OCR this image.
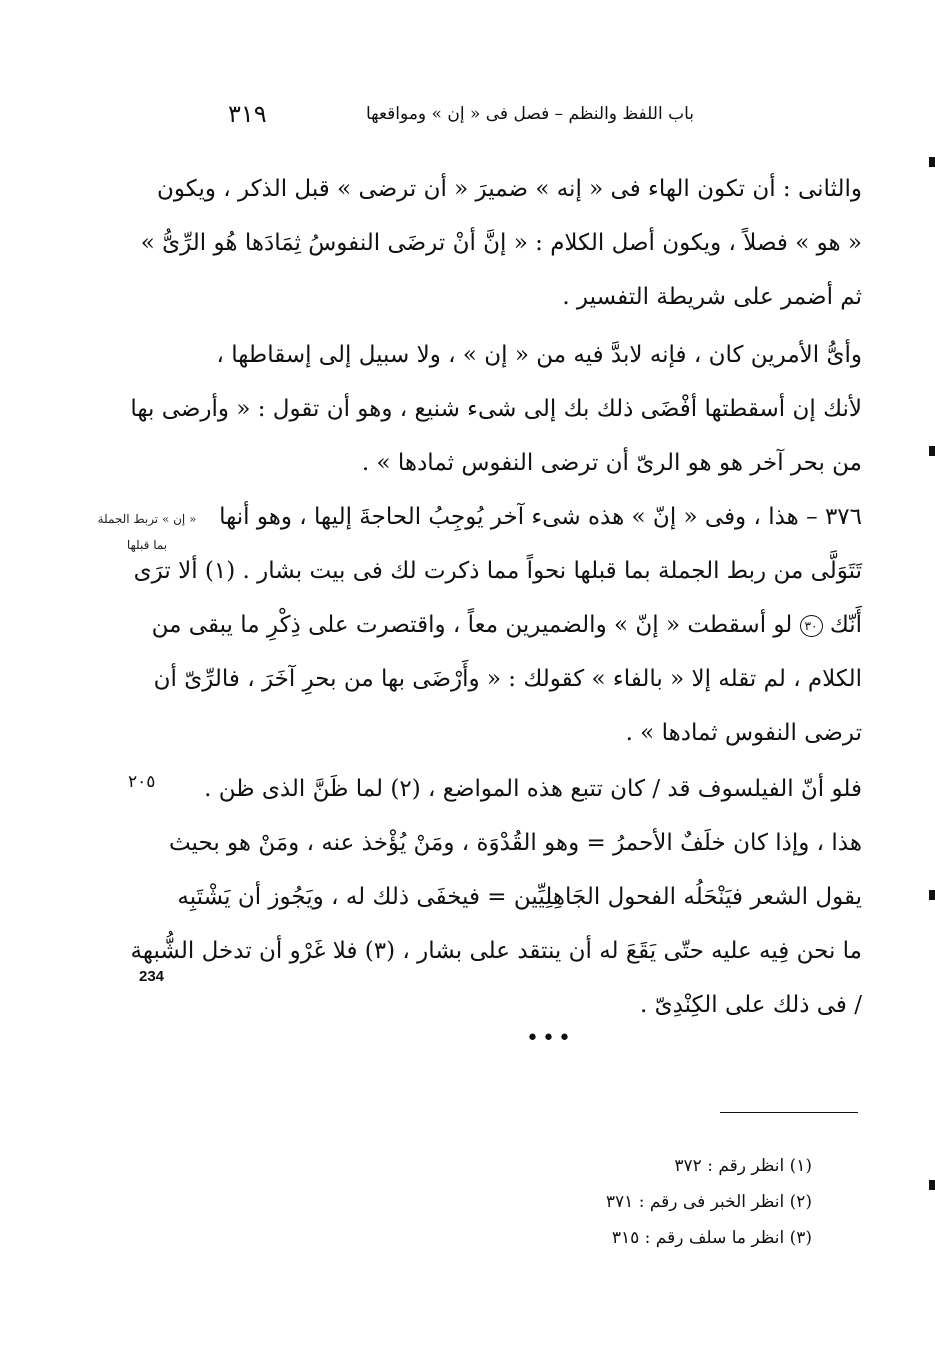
باب اللفظ والنظم – فصل فى « إن » ومواقعها
٣١٩
والثانى : أن تكون الهاء فى « إنه » ضميرَ « أن ترضى » قبل الذكر ، ويكون
« هو » فصلاً ، ويكون أصل الكلام : « إنَّ أنْ ترضَى النفوسُ ثِمَادَها هُو الرِّىُّ »
ثم أضمر على شريطة التفسير .
وأىُّ الأمرين كان ، فإنه لابدَّ فيه من « إن » ، ولا سبيل إلى إسقاطها ،
لأنك إن أسقطتها أفْضَى ذلك بك إلى شىء شنيع ، وهو أن تقول : « وأرضى بها
من بحر آخر هو هو الرىّ أن ترضى النفوس ثمادها » .
٣٧٦ – هذا ، وفى « إنّ » هذه شىء آخر يُوجِبُ الحاجةَ إليها ، وهو أنها
تَتَوَلَّى من ربط الجملة بما قبلها نحواً مما ذكرت لك فى بيت بشار . (١) ألا ترَى
أَنّك ٣٠ لو أسقطت « إنّ » والضميرين معاً ، واقتصرت على ذِكْرِ ما يبقى من
الكلام ، لم تقله إلا « بالفاء » كقولك : « وأَرْضَى بها من بحرِ آخَرَ ، فالرِّىّ أن
ترضى النفوس ثمادها » .
فلو أنّ الفيلسوف قد / كان تتبع هذه المواضع ، (٢) لما ظَنَّ الذى ظن .
هذا ، وإذا كان خلَفٌ الأحمرُ = وهو القُدْوَة ، ومَنْ يُؤْخذ عنه ، ومَنْ هو بحيث
يقول الشعر فيَنْحَلُه الفحول الجَاهِلِيِّين = فيخفَى ذلك له ، ويَجُوز أن يَشْتَبِه
ما نحن فِيه عليه حتّى يَقَعَ له أن ينتقد على بشار ، (٣) فلا غَرْو أن تدخل الشُّبهة
/ فى ذلك على الكِنْدِىّ .
« إن » تربط الجملة
بما قبلها
٢٠٥
234
•••
(١) انظر رقم : ٣٧٢
(٢) انظر الخبر فى رقم : ٣٧١
(٣) انظر ما سلف رقم : ٣١٥
